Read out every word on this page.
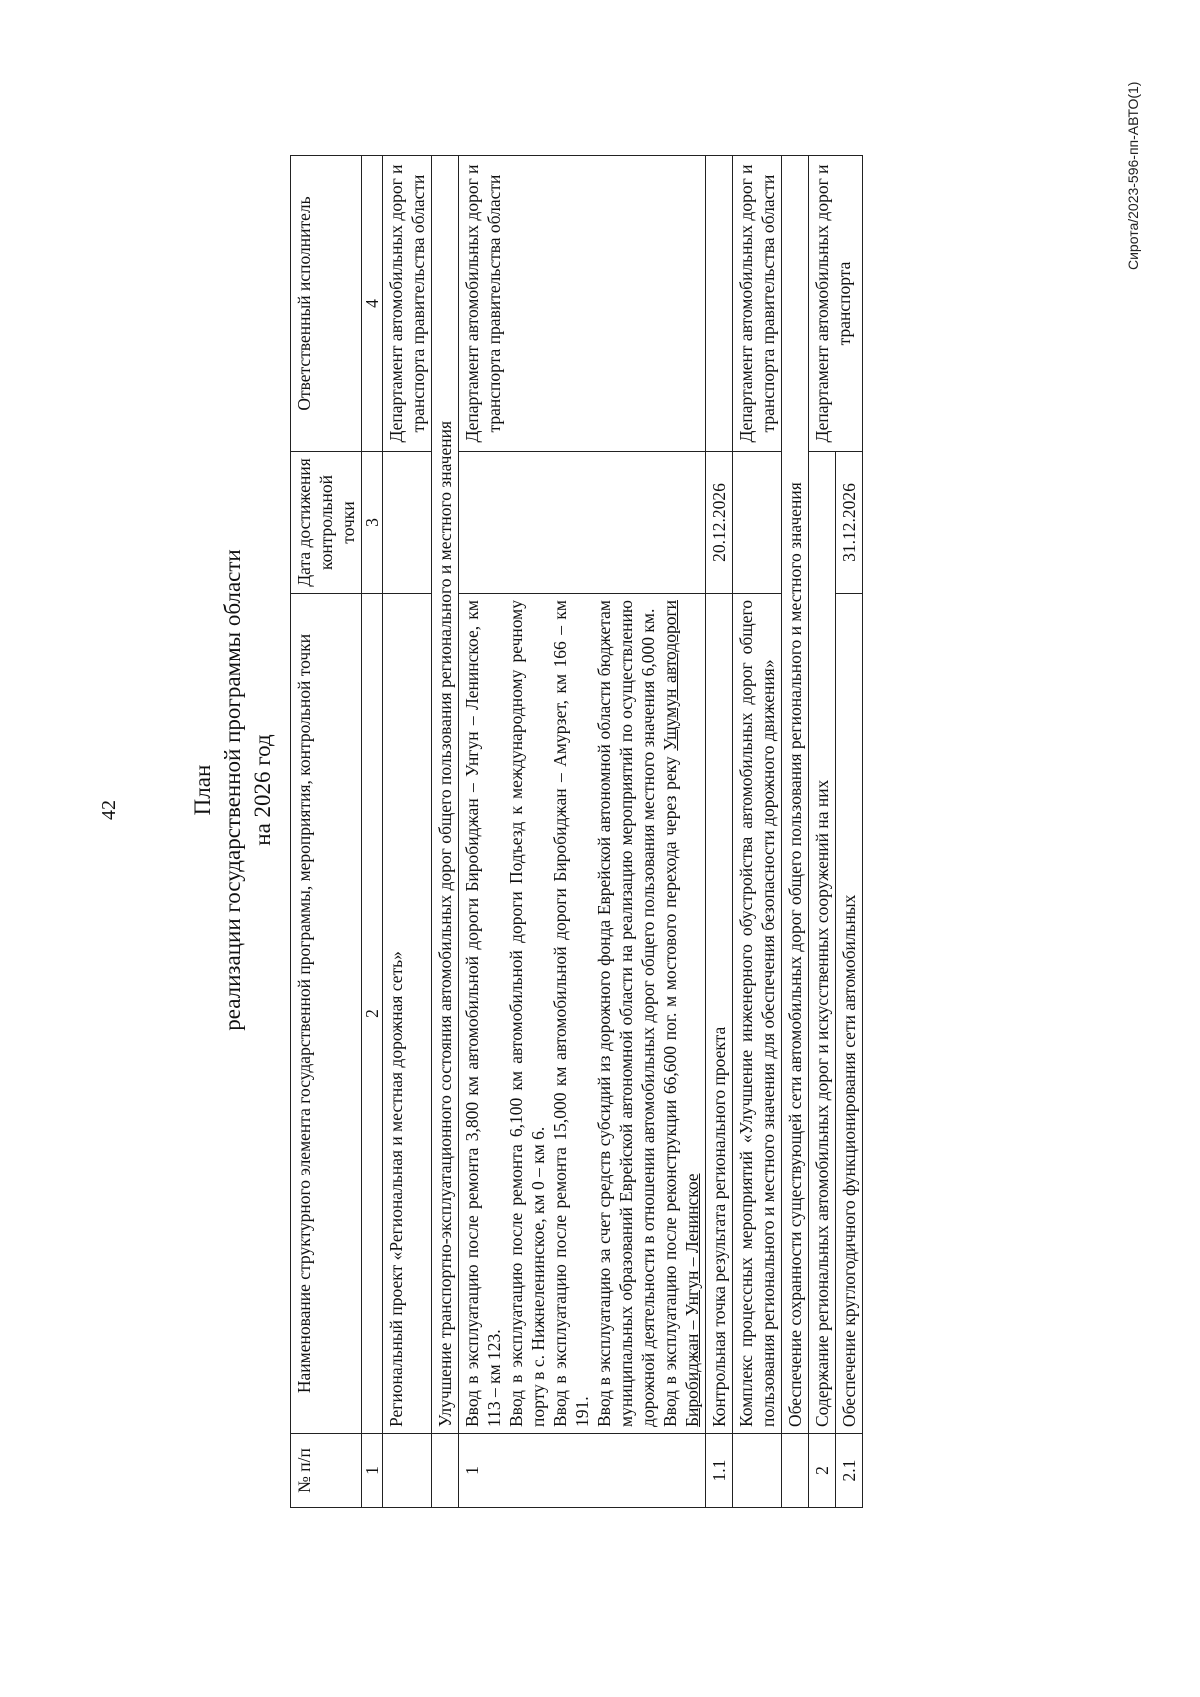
42	План реализации государственной программы области на 2026 год
№ п/п	Наименование структурного элемента государственной программы, мероприятия, контрольной точки	Дата достижения контрольной точки	Ответственный исполнитель
1	2	3	4
	Региональный проект «Региональная и местная дорожная сеть»		Департамент автомобильных дорог и транспорта правительства области
	Улучшение транспортно-эксплуатационного состояния автомобильных дорог общего пользования регионального и местного значения		
1	Ввод в эксплуатацию после ремонта 3,800 км автомобильной дороги Биробиджан – Унгун – Ленинское, км 113 – км 123. Ввод в эксплуатацию после ремонта 6,100 км автомобильной дороги Подъезд к международному речному порту в с. Нижнеленинское, км 0 – км 6. Ввод в эксплуатацию после ремонта 15,000 км автомобильной дороги Биробиджан – Амурзет, км 166 – км 191. Ввод в эксплуатацию за счет средств субсидий из дорожного фонда Еврейской автономной области бюджетам муниципальных образований Еврейской автономной области на реализацию мероприятий по осуществлению дорожной деятельности в отношении автомобильных дорог общего пользования местного значения 6,000 км. Ввод в эксплуатацию после реконструкции 66,600 пог. м мостового перехода через реку Ущумун автодороги Биробиджан – Унгун – Ленинское		Департамент автомобильных дорог и транспорта правительства области

1.1	Контрольная точка результата регионального проекта	20.12.2026	
	Комплекс процессных мероприятий «Улучшение инженерного обустройства автомобильных дорог общего пользования регионального и местного значения для обеспечения безопасности дорожного движения»		Департамент автомобильных дорог и транспорта правительства области
	Обеспечение сохранности существующей сети автомобильных дорог общего пользования регионального и местного значения		
2	Содержание региональных автомобильных дорог и искусственных сооружений на них		Департамент автомобильных дорог и транспорта
2.1	Обеспечение круглогодичного функционирования сети автомобильных	31.12.2026	
Сирота/2023-596-пп-АВТО(1)
